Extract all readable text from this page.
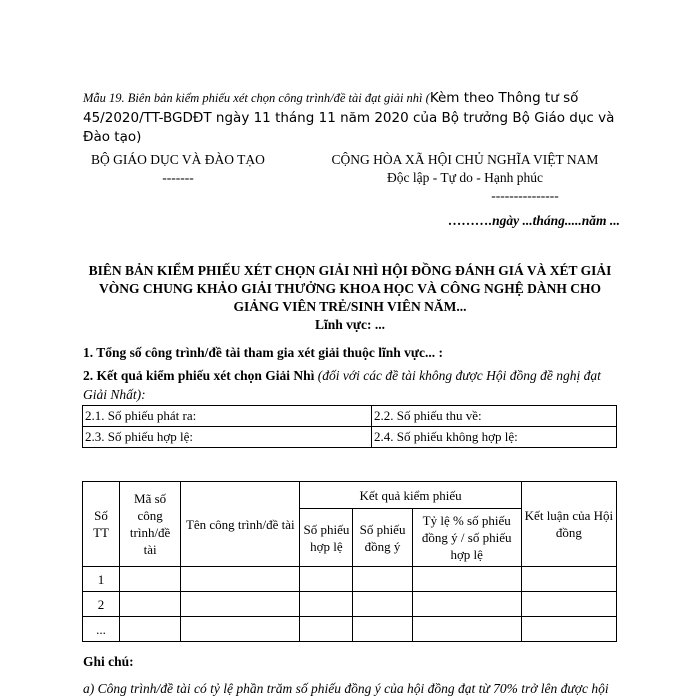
Mẫu 19. Biên bản kiểm phiếu xét chọn công trình/đề tài đạt giải nhì (Kèm theo Thông tư số 45/2020/TT-BGDĐT ngày 11 tháng 11 năm 2020 của Bộ trưởng Bộ Giáo dục và Đào tạo)
BỘ GIÁO DỤC VÀ ĐÀO TẠO
-------
CỘNG HÒA XÃ HỘI CHỦ NGHĨA VIỆT NAM
Độc lập - Tự do - Hạnh phúc
---------------
……….ngày ...tháng.....năm ...
BIÊN BẢN KIỂM PHIẾU XÉT CHỌN GIẢI NHÌ HỘI ĐỒNG ĐÁNH GIÁ VÀ XÉT GIẢI
VÒNG CHUNG KHẢO GIẢI THƯỞNG KHOA HỌC VÀ CÔNG NGHỆ DÀNH CHO
GIẢNG VIÊN TRẺ/SINH VIÊN NĂM...
Lĩnh vực: ...
1. Tổng số công trình/đề tài tham gia xét giải thuộc lĩnh vực... :
2. Kết quả kiểm phiếu xét chọn Giải Nhì (đối với các đề tài không được Hội đồng đề nghị đạt Giải Nhất):
2.1. Số phiếu phát ra:	2.2. Số phiếu thu về:
2.3. Số phiếu hợp lệ:	2.4. Số phiếu không hợp lệ:
Số TT	Mã số công trình/đề tài	Tên công trình/đề tài	Kết quả kiểm phiếu			Kết luận của Hội đồng
			Số phiếu hợp lệ	Số phiếu đồng ý	Tỷ lệ % số phiếu đồng ý / số phiếu hợp lệ	
1						
2						
...						
Ghi chú:
a) Công trình/đề tài có tỷ lệ phần trăm số phiếu đồng ý của hội đồng đạt từ 70% trở lên được hội
